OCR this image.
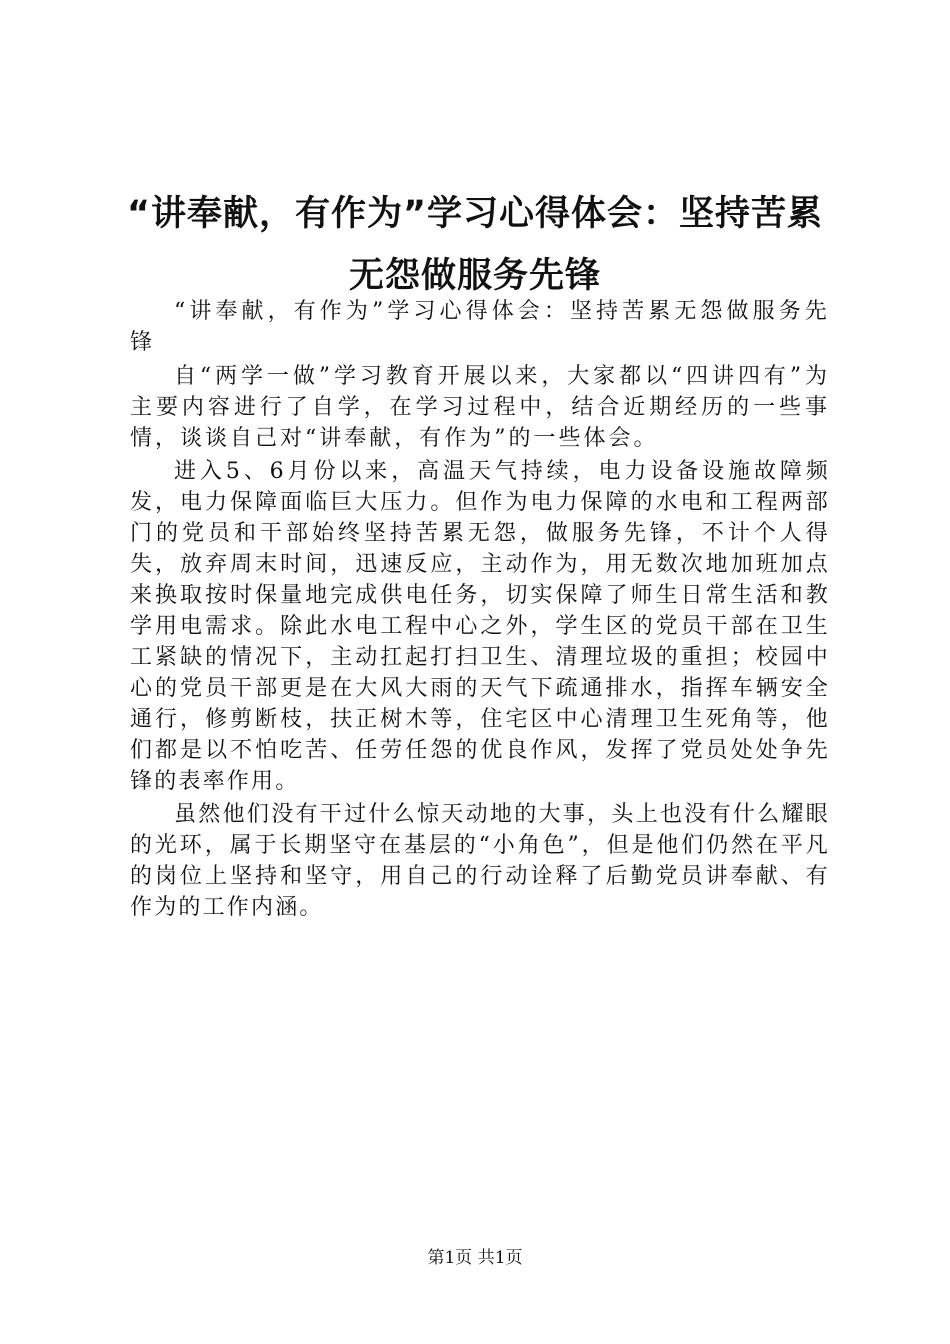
“讲奉献，有作为”学习心得体会：坚持苦累
无怨做服务先锋

“讲奉献，有作为”学习心得体会：坚持苦累无怨做服务先锋

自“两学一做”学习教育开展以来，大家都以“四讲四有”为主要内容进行了自学，在学习过程中，结合近期经历的一些事情，谈谈自己对“讲奉献，有作为”的一些体会。

进入5、6月份以来，高温天气持续，电力设备设施故障频发，电力保障面临巨大压力。但作为电力保障的水电和工程两部门的党员和干部始终坚持苦累无怨，做服务先锋，不计个人得失，放弃周末时间，迅速反应，主动作为，用无数次地加班加点来换取按时保量地完成供电任务，切实保障了师生日常生活和教学用电需求。除此水电工程中心之外，学生区的党员干部在卫生工紧缺的情况下，主动扛起打扫卫生、清理垃圾的重担；校园中心的党员干部更是在大风大雨的天气下疏通排水，指挥车辆安全通行，修剪断枝，扶正树木等，住宅区中心清理卫生死角等，他们都是以不怕吃苦、任劳任怨的优良作风，发挥了党员处处争先锋的表率作用。

虽然他们没有干过什么惊天动地的大事，头上也没有什么耀眼的光环，属于长期坚守在基层的“小角色”，但是他们仍然在平凡的岗位上坚持和坚守，用自己的行动诠释了后勤党员讲奉献、有作为的工作内涵。

第1页 共1页
